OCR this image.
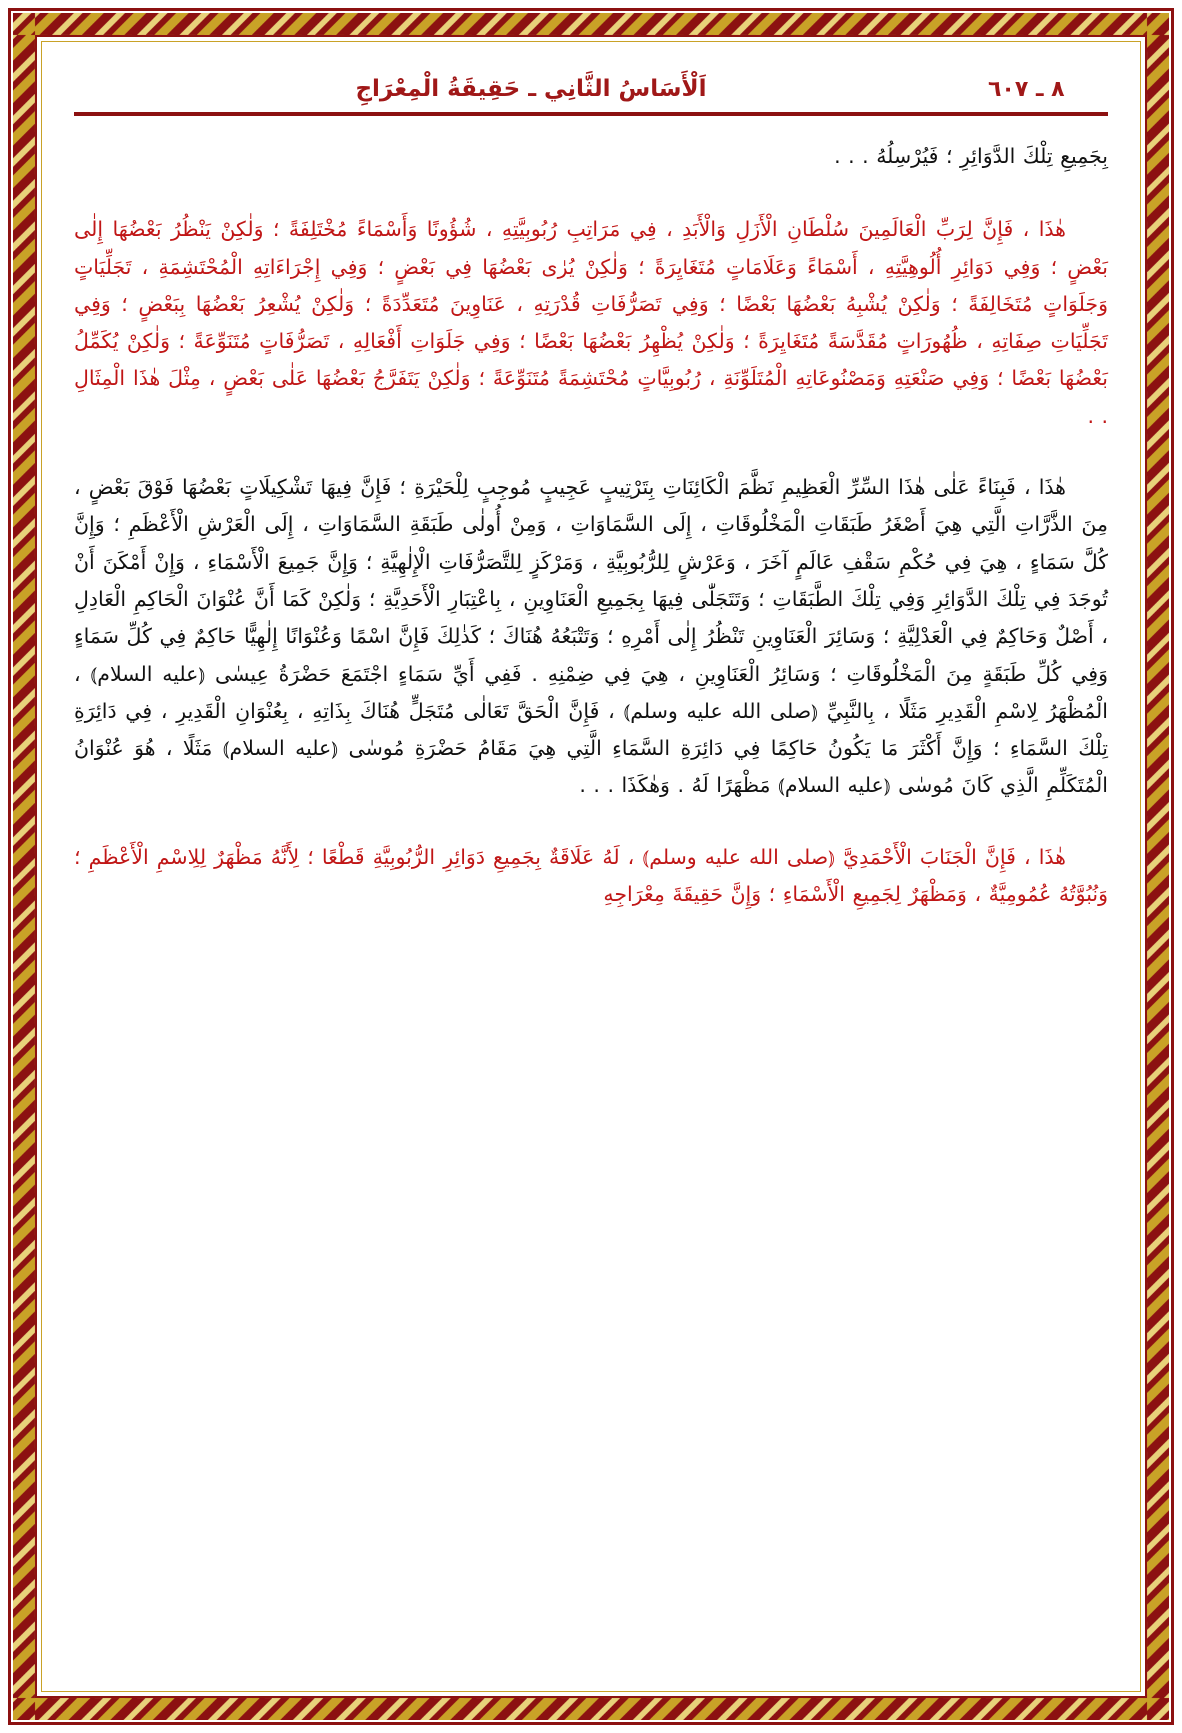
اَلْأَسَاسُ الثَّانِي ـ حَقِيقَةُ الْمِعْرَاجِ	٨ ـ ٦٠٧

بِجَمِيعِ تِلْكَ الدَّوَائِرِ ؛ فَيُرْسِلُهُ . . .

هٰذَا ، فَإِنَّ لِرَبِّ الْعَالَمِينَ سُلْطَانِ الْأَزَلِ وَالْأَبَدِ ، فِي مَرَاتِبِ رُبُوبِيَّتِهِ ، شُؤُونًا وَأَسْمَاءً مُخْتَلِفَةً ؛ وَلٰكِنْ يَنْظُرُ بَعْضُهَا إِلٰى بَعْضٍ ؛ وَفِي دَوَائِرِ أُلُوهِيَّتِهِ ، أَسْمَاءً وَعَلَامَاتٍ مُتَغَايِرَةً ؛ وَلٰكِنْ يُرٰى بَعْضُهَا فِي بَعْضٍ ؛ وَفِي إِجْرَاءَاتِهِ الْمُحْتَشِمَةِ ، تَجَلِّيَاتٍ وَجَلَوَاتٍ مُتَخَالِفَةً ؛ وَلٰكِنْ يُشْبِهُ بَعْضُهَا بَعْضًا ؛ وَفِي تَصَرُّفَاتِ قُدْرَتِهِ ، عَنَاوِينَ مُتَعَدِّدَةً ؛ وَلٰكِنْ يُشْعِرُ بَعْضُهَا بِبَعْضٍ ؛ وَفِي تَجَلِّيَاتِ صِفَاتِهِ ، ظُهُورَاتٍ مُقَدَّسَةً مُتَغَايِرَةً ؛ وَلٰكِنْ يُظْهِرُ بَعْضُهَا بَعْضًا ؛ وَفِي جَلَوَاتِ أَفْعَالِهِ ، تَصَرُّفَاتٍ مُتَنَوِّعَةً ؛ وَلٰكِنْ يُكَمِّلُ بَعْضُهَا بَعْضًا ؛ وَفِي صَنْعَتِهِ وَمَصْنُوعَاتِهِ الْمُتَلَوِّنَةِ ، رُبُوبِيَّاتٍ مُحْتَشِمَةً مُتَنَوِّعَةً ؛ وَلٰكِنْ يَتَفَرَّجُ بَعْضُهَا عَلٰى بَعْضٍ ، مِثْلَ هٰذَا الْمِثَالِ . .

هٰذَا ، فَبِنَاءً عَلٰى هٰذَا السِّرِّ الْعَظِيمِ نَظَّمَ الْكَائِنَاتِ بِتَرْتِيبٍ عَجِيبٍ مُوجِبٍ لِلْحَيْرَةِ ؛ فَإِنَّ فِيهَا تَشْكِيلَاتٍ بَعْضُهَا فَوْقَ بَعْضٍ ، مِنَ الذَّرَّاتِ الَّتِي هِيَ أَصْغَرُ طَبَقَاتِ الْمَخْلُوقَاتِ ، إِلَى السَّمَاوَاتِ ، وَمِنْ أُولٰى طَبَقَةِ السَّمَاوَاتِ ، إِلَى الْعَرْشِ الْأَعْظَمِ ؛ وَإِنَّ كُلَّ سَمَاءٍ ، هِيَ فِي حُكْمِ سَقْفِ عَالَمٍ آخَرَ ، وَعَرْشٍ لِلرُّبُوبِيَّةِ ، وَمَرْكَزٍ لِلتَّصَرُّفَاتِ الْإِلٰهِيَّةِ ؛ وَإِنَّ جَمِيعَ الْأَسْمَاءِ ، وَإِنْ أَمْكَنَ أَنْ تُوجَدَ فِي تِلْكَ الدَّوَائِرِ وَفِي تِلْكَ الطَّبَقَاتِ ؛ وَتَتَجَلّٰى فِيهَا بِجَمِيعِ الْعَنَاوِينِ ، بِاعْتِبَارِ الْأَحَدِيَّةِ ؛ وَلٰكِنْ كَمَا أَنَّ عُنْوَانَ الْحَاكِمِ الْعَادِلِ ، أَصْلٌ وَحَاكِمٌ فِي الْعَدْلِيَّةِ ؛ وَسَائِرَ الْعَنَاوِينِ تَنْظُرُ إِلٰى أَمْرِهِ ؛ وَتَتْبَعُهُ هُنَاكَ ؛ كَذٰلِكَ فَإِنَّ اسْمًا وَعُنْوَانًا إِلٰهِيًّا حَاكِمٌ فِي كُلِّ سَمَاءٍ وَفِي كُلِّ طَبَقَةٍ مِنَ الْمَخْلُوقَاتِ ؛ وَسَائِرُ الْعَنَاوِينِ ، هِيَ فِي ضِمْنِهِ . فَفِي أَيِّ سَمَاءٍ اجْتَمَعَ حَضْرَةُ عِيسٰى ⦅عليه السلام⦆ ، الْمُظْهَرُ لِاسْمِ الْقَدِيرِ مَثَلًا ، بِالنَّبِيِّ ⦅صلى الله عليه وسلم⦆ ، فَإِنَّ الْحَقَّ تَعَالٰى مُتَجَلٍّ هُنَاكَ بِذَاتِهِ ، بِعُنْوَانِ الْقَدِيرِ ، فِي دَائِرَةِ تِلْكَ السَّمَاءِ ؛ وَإِنَّ أَكْثَرَ مَا يَكُونُ حَاكِمًا فِي دَائِرَةِ السَّمَاءِ الَّتِي هِيَ مَقَامُ حَضْرَةِ مُوسٰى ⦅عليه السلام⦆ مَثَلًا ، هُوَ عُنْوَانُ الْمُتَكَلِّمِ الَّذِي كَانَ مُوسٰى ⦅عليه السلام⦆ مَظْهَرًا لَهُ . وَهٰكَذَا . . .

هٰذَا ، فَإِنَّ الْجَنَابَ الْأَحْمَدِيَّ ⦅صلى الله عليه وسلم⦆ ، لَهُ عَلَاقَةٌ بِجَمِيعِ دَوَائِرِ الرُّبُوبِيَّةِ قَطْعًا ؛ لِأَنَّهُ مَظْهَرٌ لِلِاسْمِ الْأَعْظَمِ ؛ وَنُبُوَّتُهُ عُمُومِيَّةٌ ، وَمَظْهَرٌ لِجَمِيعِ الْأَسْمَاءِ ؛ وَإِنَّ حَقِيقَةَ مِعْرَاجِهِ
